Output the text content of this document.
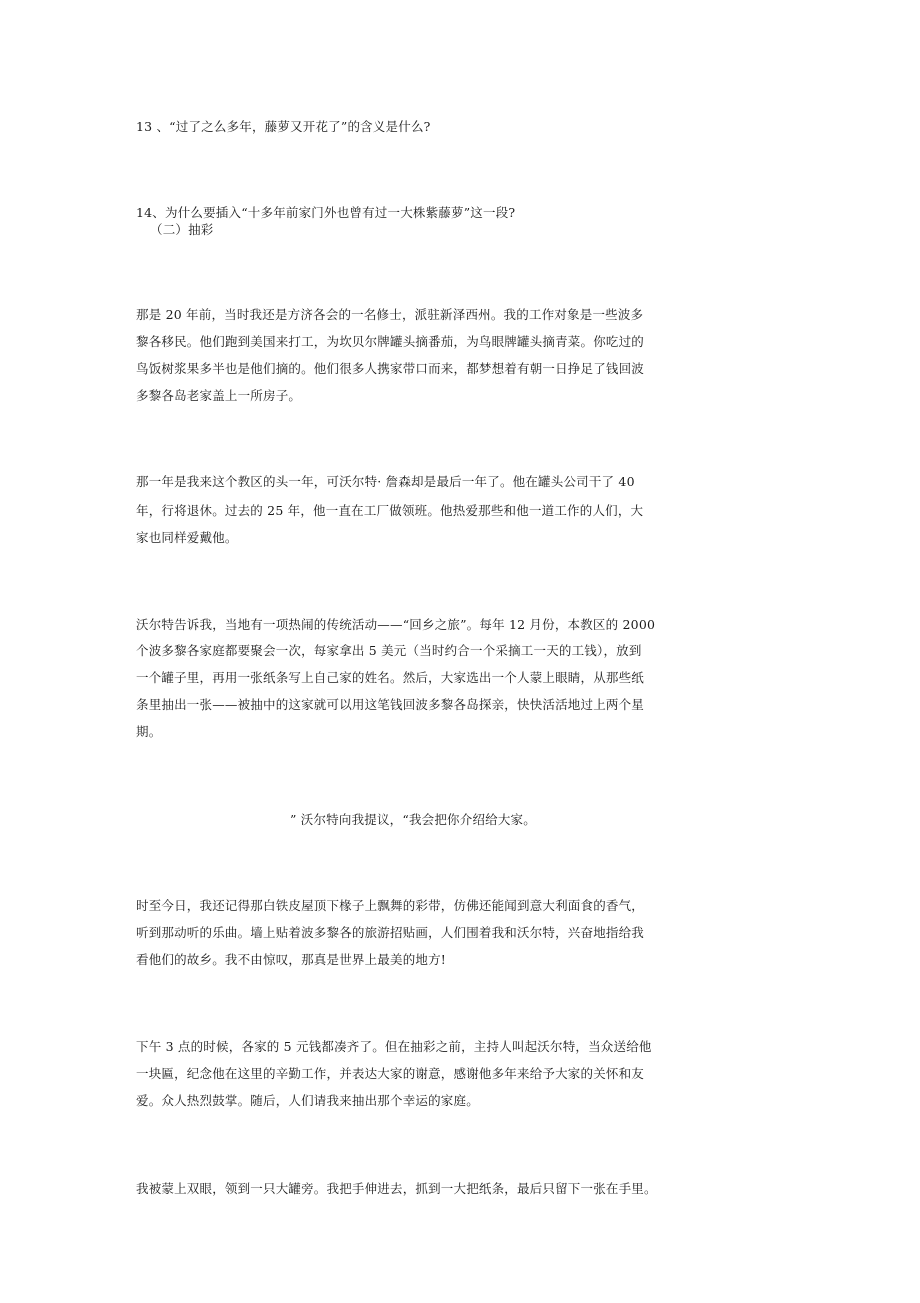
13 、“过了之么多年，藤萝又开花了”的含义是什么?
14、为什么要插入“十多年前家门外也曾有过一大株紫藤萝”这一段?
（二）抽彩
那是 20 年前，当时我还是方济各会的一名修士，派驻新泽西州。我的工作对象是一些波多
黎各移民。他们跑到美国来打工，为坎贝尔牌罐头摘番茄，为鸟眼牌罐头摘青菜。你吃过的
鸟饭树浆果多半也是他们摘的。他们很多人携家带口而来，都梦想着有朝一日挣足了钱回波
多黎各岛老家盖上一所房子。
那一年是我来这个教区的头一年，可沃尔特· 詹森却是最后一年了。他在罐头公司干了 40
年，行将退休。过去的 25 年，他一直在工厂做领班。他热爱那些和他一道工作的人们，大
家也同样爱戴他。
沃尔特告诉我，当地有一项热闹的传统活动——“回乡之旅”。每年 12 月份，本教区的 2000
个波多黎各家庭都要聚会一次，每家拿出 5 美元（当时约合一个采摘工一天的工钱），放到
一个罐子里，再用一张纸条写上自己家的姓名。然后，大家选出一个人蒙上眼睛，从那些纸
条里抽出一张——被抽中的这家就可以用这笔钱回波多黎各岛探亲，快快活活地过上两个星
期。
” 沃尔特向我提议，“我会把你介绍给大家。
时至今日，我还记得那白铁皮屋顶下椽子上飘舞的彩带，仿佛还能闻到意大利面食的香气，
听到那动听的乐曲。墙上贴着波多黎各的旅游招贴画，人们围着我和沃尔特，兴奋地指给我
看他们的故乡。我不由惊叹，那真是世界上最美的地方!
下午 3 点的时候，各家的 5 元钱都凑齐了。但在抽彩之前，主持人叫起沃尔特，当众送给他
一块匾，纪念他在这里的辛勤工作，并表达大家的谢意，感谢他多年来给予大家的关怀和友
爱。众人热烈鼓掌。随后，人们请我来抽出那个幸运的家庭。
我被蒙上双眼，领到一只大罐旁。我把手伸进去，抓到一大把纸条，最后只留下一张在手里。
